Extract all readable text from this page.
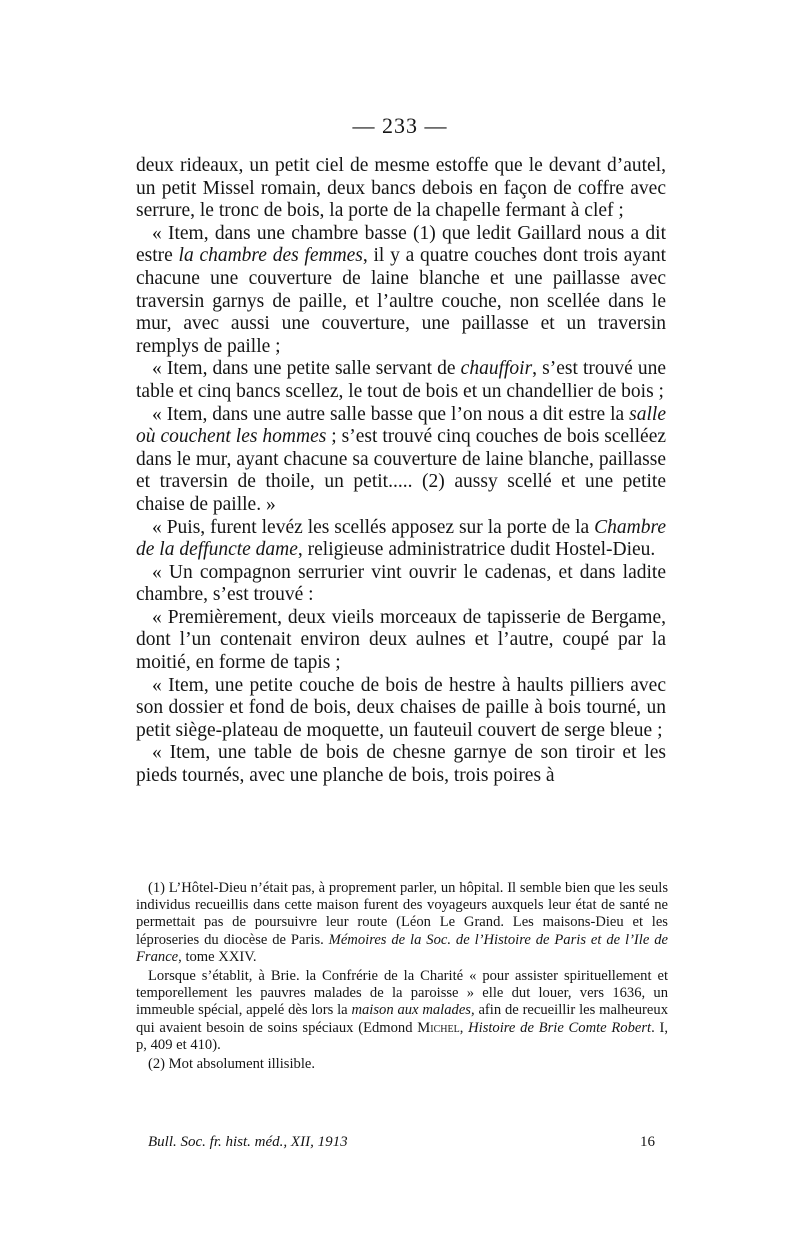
— 233 —

deux rideaux, un petit ciel de mesme estoffe que le devant d’autel, un petit Missel romain, deux bancs debois en façon de coffre avec serrure, le tronc de bois, la porte de la chapelle fermant à clef ;

« Item, dans une chambre basse (1) que ledit Gaillard nous a dit estre la chambre des femmes, il y a quatre couches dont trois ayant chacune une couverture de laine blanche et une paillasse avec traversin garnys de paille, et l’aultre couche, non scellée dans le mur, avec aussi une couverture, une paillasse et un traversin remplys de paille ;

« Item, dans une petite salle servant de chauffoir, s’est trouvé une table et cinq bancs scellez, le tout de bois et un chandellier de bois ;

« Item, dans une autre salle basse que l’on nous a dit estre la salle où couchent les hommes ; s’est trouvé cinq couches de bois scelléez dans le mur, ayant chacune sa couverture de laine blanche, paillasse et traversin de thoile, un petit..... (2) aussy scellé et une petite chaise de paille. »

« Puis, furent levéz les scellés apposez sur la porte de la Chambre de la deffuncte dame, religieuse administratrice dudit Hostel-Dieu.

« Un compagnon serrurier vint ouvrir le cadenas, et dans ladite chambre, s’est trouvé :

« Premièrement, deux vieils morceaux de tapisserie de Bergame, dont l’un contenait environ deux aulnes et l’autre, coupé par la moitié, en forme de tapis ;

« Item, une petite couche de bois de hestre à haults pilliers avec son dossier et fond de bois, deux chaises de paille à bois tourné, un petit siège-plateau de moquette, un fauteuil couvert de serge bleue ;

« Item, une table de bois de chesne garnye de son tiroir et les pieds tournés, avec une planche de bois, trois poires à

(1) L’Hôtel-Dieu n’était pas, à proprement parler, un hôpital. Il semble bien que les seuls individus recueillis dans cette maison furent des voyageurs auxquels leur état de santé ne permettait pas de poursuivre leur route (Léon Le Grand. Les maisons-Dieu et les léproseries du diocèse de Paris. Mémoires de la Soc. de l’Histoire de Paris et de l’Ile de France, tome XXIV.

Lorsque s’établit, à Brie. la Confrérie de la Charité « pour assister spirituellement et temporellement les pauvres malades de la paroisse » elle dut louer, vers 1636, un immeuble spécial, appelé dès lors la maison aux malades, afin de recueillir les malheureux qui avaient besoin de soins spéciaux (Edmond Michel, Histoire de Brie Comte Robert. I, p, 409 et 410).

(2) Mot absolument illisible.

Bull. Soc. fr. hist. méd., XII, 1913	16
